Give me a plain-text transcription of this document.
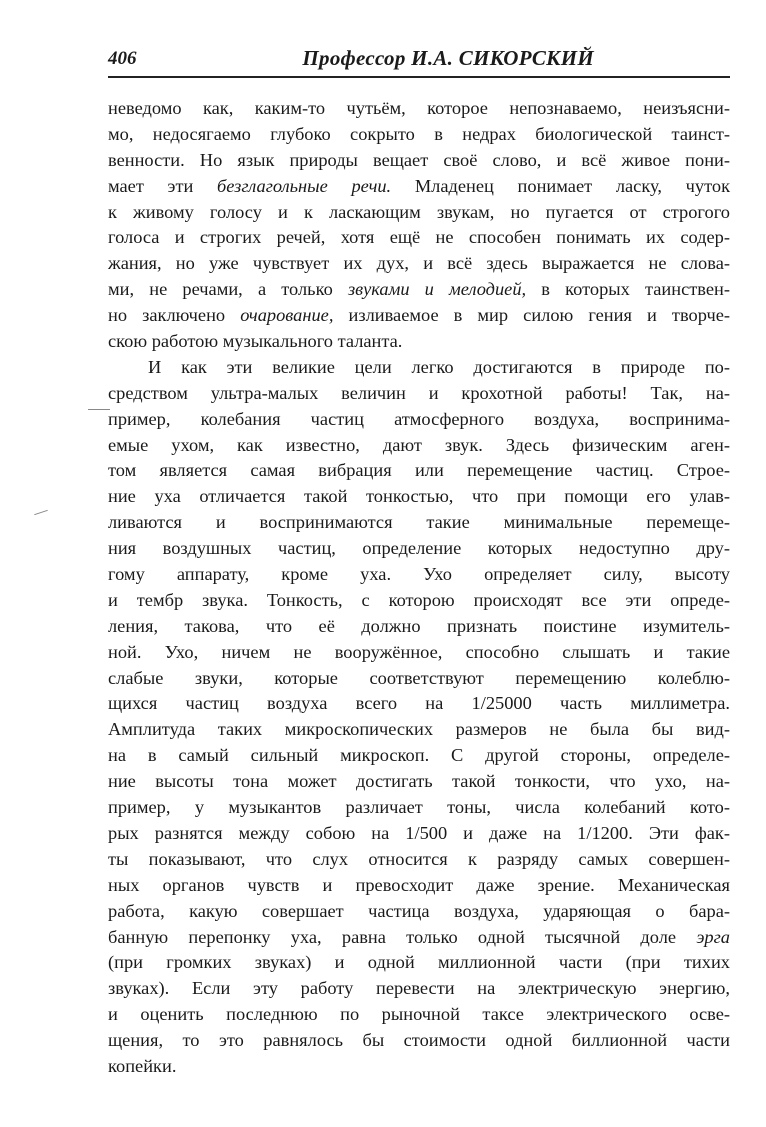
406	Профессор И.А. СИКОРСКИЙ
неведомо как, каким-то чутьём, которое непознаваемо, неизъясни-
мо, недосягаемо глубоко сокрыто в недрах биологической таинст-
венности. Но язык природы вещает своё слово, и всё живое пони-
мает эти безглагольные речи. Младенец понимает ласку, чуток
к живому голосу и к ласкающим звукам, но пугается от строгого
голоса и строгих речей, хотя ещё не способен понимать их содер-
жания, но уже чувствует их дух, и всё здесь выражается не слова-
ми, не речами, а только звуками и мелодией, в которых таинствен-
но заключено очарование, изливаемое в мир силою гения и творче-
скою работою музыкального таланта.
И как эти великие цели легко достигаются в природе по-
средством ультра-малых величин и крохотной работы! Так, на-
пример, колебания частиц атмосферного воздуха, воспринима-
емые ухом, как известно, дают звук. Здесь физическим аген-
том является самая вибрация или перемещение частиц. Строе-
ние уха отличается такой тонкостью, что при помощи его улав-
ливаются и воспринимаются такие минимальные перемеще-
ния воздушных частиц, определение которых недоступно дру-
гому аппарату, кроме уха. Ухо определяет силу, высоту
и тембр звука. Тонкость, с которою происходят все эти опреде-
ления, такова, что её должно признать поистине изумитель-
ной. Ухо, ничем не вооружённое, способно слышать и такие
слабые звуки, которые соответствуют перемещению колеблю-
щихся частиц воздуха всего на 1/25000 часть миллиметра.
Амплитуда таких микроскопических размеров не была бы вид-
на в самый сильный микроскоп. С другой стороны, определе-
ние высоты тона может достигать такой тонкости, что ухо, на-
пример, у музыкантов различает тоны, числа колебаний кото-
рых разнятся между собою на 1/500 и даже на 1/1200. Эти фак-
ты показывают, что слух относится к разряду самых совершен-
ных органов чувств и превосходит даже зрение. Механическая
работа, какую совершает частица воздуха, ударяющая о бара-
банную перепонку уха, равна только одной тысячной доле эрга
(при громких звуках) и одной миллионной части (при тихих
звуках). Если эту работу перевести на электрическую энергию,
и оценить последнюю по рыночной таксе электрического осве-
щения, то это равнялось бы стоимости одной биллионной части
копейки.
